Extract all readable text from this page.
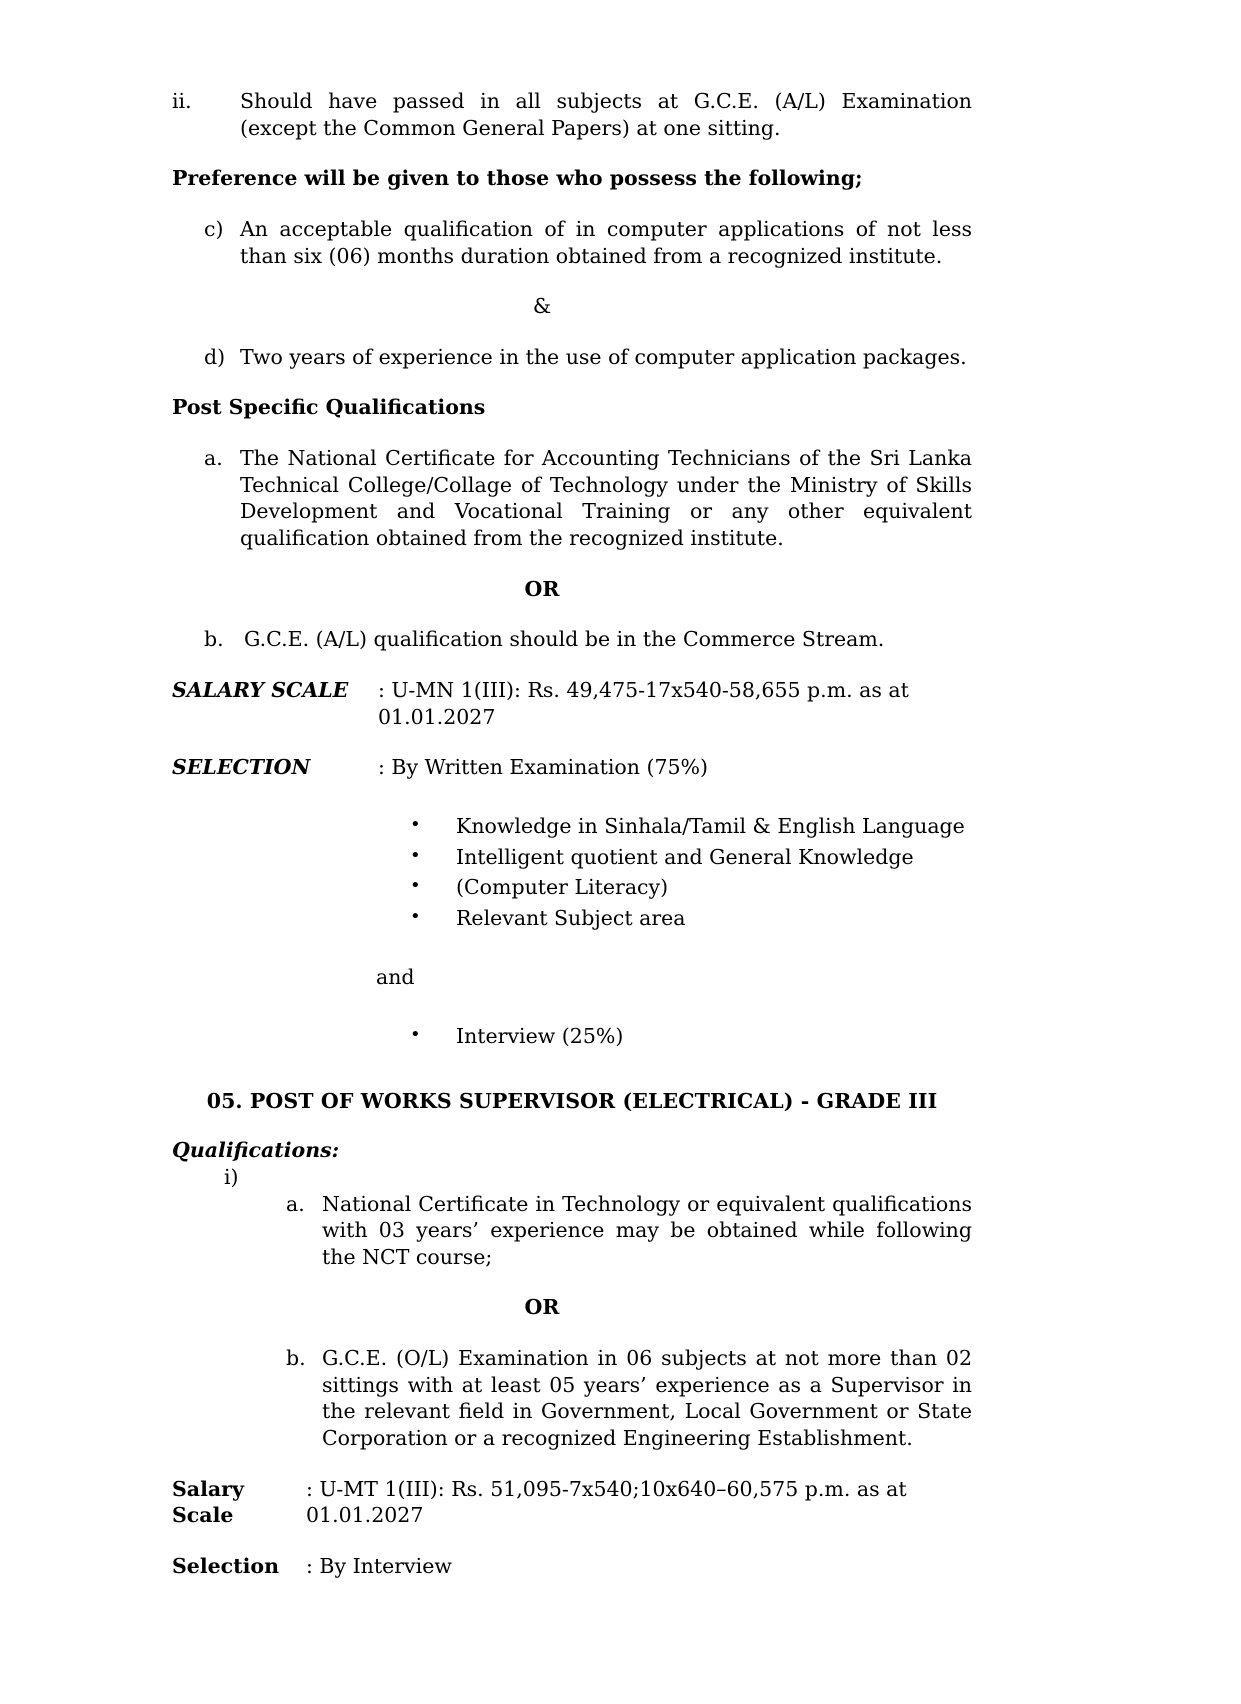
ii.	Should have passed in all subjects at G.C.E. (A/L) Examination (except the Common General Papers) at one sitting.
Preference will be given to those who possess the following;
c) An acceptable qualification of in computer applications of not less than six (06) months duration obtained from a recognized institute.
&
d) Two years of experience in the use of computer application packages.
Post Specific Qualifications
a. The National Certificate for Accounting Technicians of the Sri Lanka Technical College/Collage of Technology under the Ministry of Skills Development and Vocational Training or any other equivalent qualification obtained from the recognized institute.
OR
b. G.C.E. (A/L) qualification should be in the Commerce Stream.
SALARY SCALE	: U-MN 1(III): Rs. 49,475-17x540-58,655 p.m. as at 01.01.2027
SELECTION	: By Written Examination (75%)
•	Knowledge in Sinhala/Tamil & English Language
•	Intelligent quotient and General Knowledge
•	(Computer Literacy)
•	Relevant Subject area
and
•	Interview (25%)
05. POST OF WORKS SUPERVISOR (ELECTRICAL) - GRADE III
Qualifications:
i)
a. National Certificate in Technology or equivalent qualifications with 03 years’ experience may be obtained while following the NCT course;
OR
b. G.C.E. (O/L) Examination in 06 subjects at not more than 02 sittings with at least 05 years’ experience as a Supervisor in the relevant field in Government, Local Government or State Corporation or a recognized Engineering Establishment.
Salary Scale
: U-MT 1(III): Rs. 51,095-7x540;10x640–60,575 p.m. as at 01.01.2027
Selection	: By Interview
